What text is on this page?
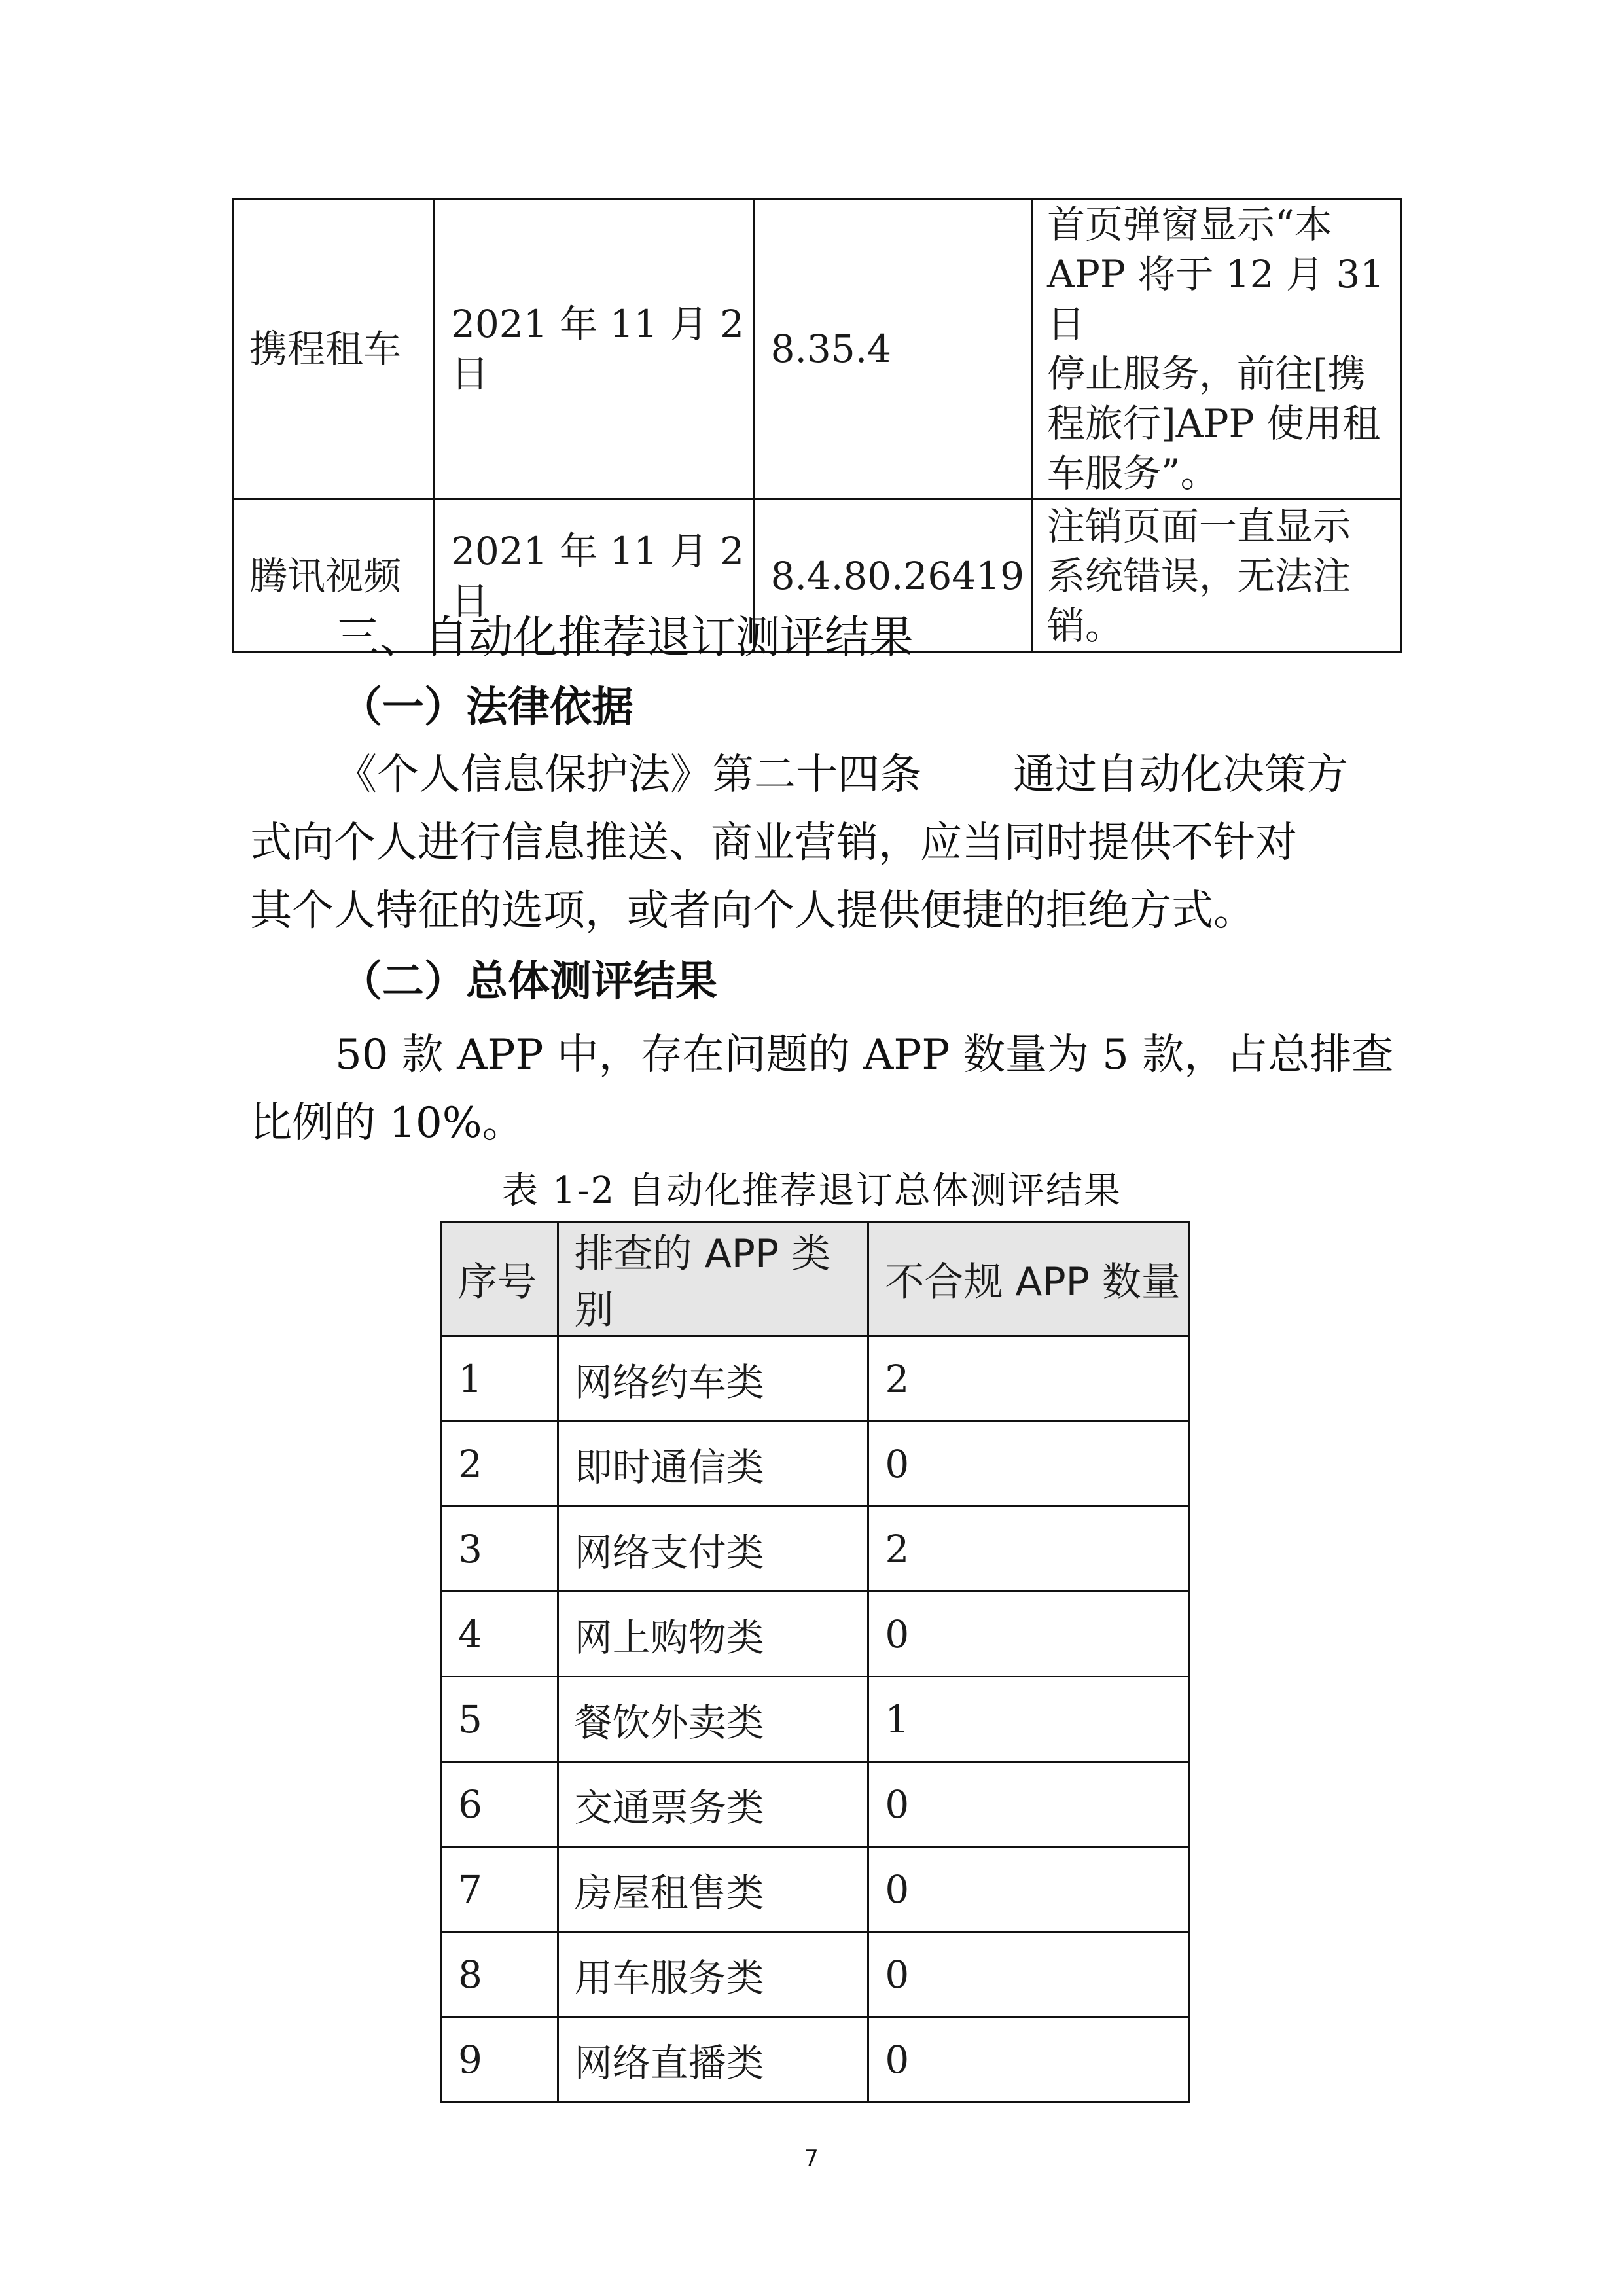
携程租车	2021 年 11 月 2 日	8.35.4	首页弹窗显示“本
APP 将于 12 月 31 日
停止服务，前往[携
程旅行]APP 使用租
车服务”。

腾讯视频	2021 年 11 月 2 日	8.4.80.26419	注销页面一直显示
系统错误，无法注
销。
三、自动化推荐退订测评结果
（一）法律依据
《个人信息保护法》第二十四条 通过自动化决策方
式向个人进行信息推送、商业营销，应当同时提供不针对
其个人特征的选项，或者向个人提供便捷的拒绝方式。
（二）总体测评结果
50 款 APP 中，存在问题的 APP 数量为 5 款，占总排查
比例的 10%。
表 1-2 自动化推荐退订总体测评结果
序号	排查的 APP 类别	不合规 APP 数量
1	网络约车类	2
2	即时通信类	0
3	网络支付类	2
4	网上购物类	0
5	餐饮外卖类	1
6	交通票务类	0
7	房屋租售类	0
8	用车服务类	0
9	网络直播类	0
7
